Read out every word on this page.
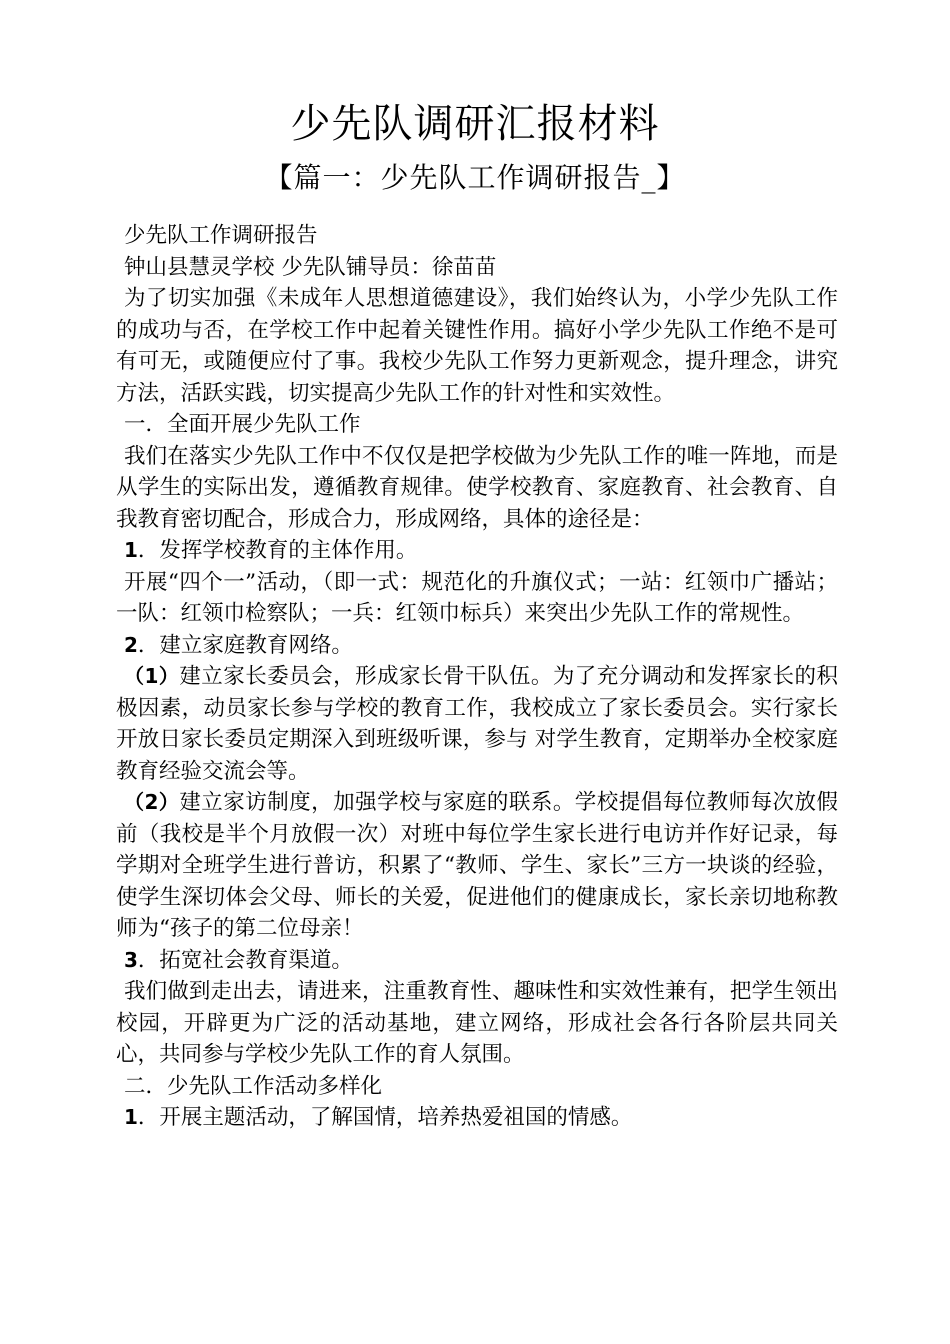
少先队调研汇报材料
【篇一：少先队工作调研报告_】

少先队工作调研报告

钟山县慧灵学校 少先队铺导员：徐苗苗

为了切实加强《未成年人思想道德建设》，我们始终认为，小学少先队工作的成功与否，在学校工作中起着关键性作用。搞好小学少先队工作绝不是可有可无，或随便应付了事。我校少先队工作努力更新观念，提升理念，讲究方法，活跃实践，切实提高少先队工作的针对性和实效性。

一．全面开展少先队工作

我们在落实少先队工作中不仅仅是把学校做为少先队工作的唯一阵地，而是从学生的实际出发，遵循教育规律。使学校教育、家庭教育、社会教育、自我教育密切配合，形成合力，形成网络，具体的途径是：

1．发挥学校教育的主体作用。

开展“四个一”活动，（即一式：规范化的升旗仪式；一站：红领巾广播站；一队：红领巾检察队；一兵：红领巾标兵）来突出少先队工作的常规性。

2．建立家庭教育网络。

（1）建立家长委员会，形成家长骨干队伍。为了充分调动和发挥家长的积极因素，动员家长参与学校的教育工作，我校成立了家长委员会。实行家长开放日家长委员定期深入到班级听课，参与 对学生教育，定期举办全校家庭教育经验交流会等。

（2）建立家访制度，加强学校与家庭的联系。学校提倡每位教师每次放假前（我校是半个月放假一次）对班中每位学生家长进行电访并作好记录，每学期对全班学生进行普访，积累了“教师、学生、家长”三方一块谈的经验，使学生深切体会父母、师长的关爱，促进他们的健康成长，家长亲切地称教师为“孩子的第二位母亲！

3．拓宽社会教育渠道。

我们做到走出去，请进来，注重教育性、趣味性和实效性兼有，把学生领出校园，开辟更为广泛的活动基地，建立网络，形成社会各行各阶层共同关心，共同参与学校少先队工作的育人氛围。

二．少先队工作活动多样化

1．开展主题活动，了解国情，培养热爱祖国的情感。
